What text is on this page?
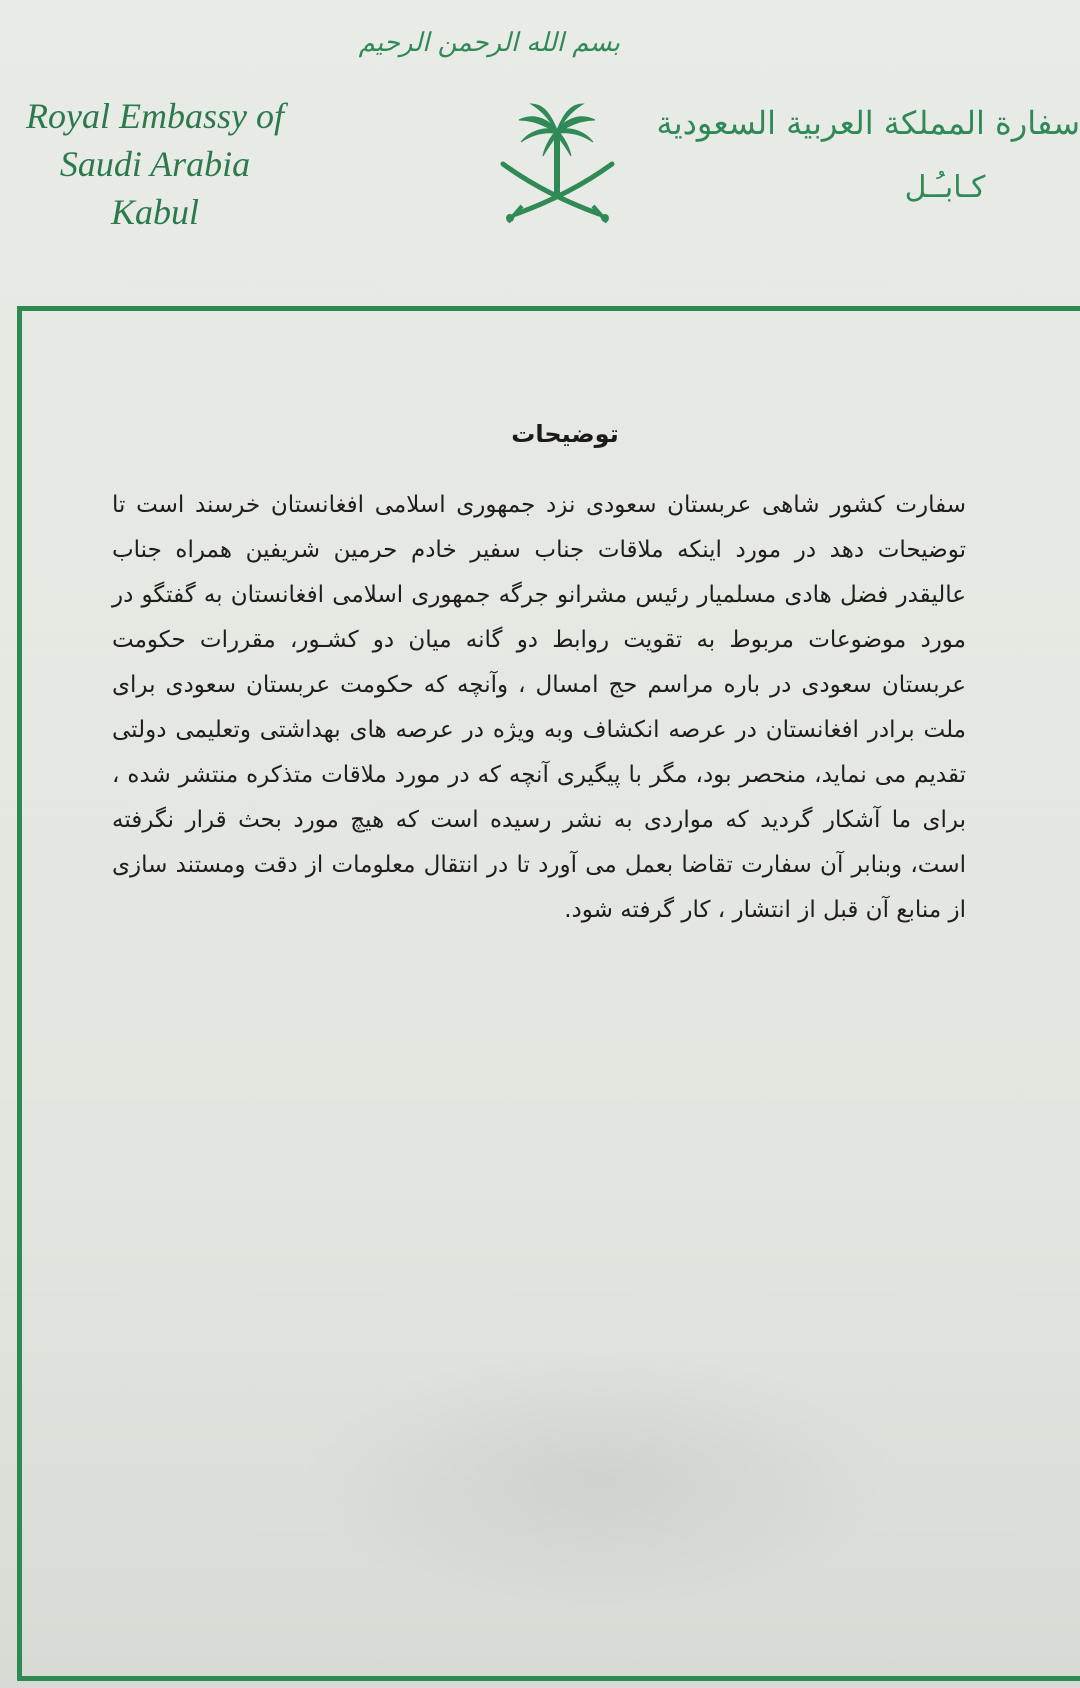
بسم الله الرحمن الرحيم
Royal Embassy of
Saudi Arabia
Kabul
سفارة المملكة العربية السعودية
كـابـُـل
توضیحات
سفارت کشور شاهی عربستان سعودی نزد جمهوری اسلامی افغانستان خرسند است تا توضیحات دهد در مورد اینکه ملاقات جناب سفیر خادم حرمین شریفین همراه جناب عالیقدر فضل هادی مسلمیار رئیس مشرانو جرگه جمهوری اسلامی افغانستان به گفتگو در مورد موضوعات مربوط به تقویت روابط دو گانه میان دو کشـور، مقررات حکومت عربستان سعودی در باره مراسم حج امسال ، وآنچه که حکومت عربستان سعودی برای ملت برادر افغانستان در عرصه انکشاف وبه ویژه در عرصه های بهداشتی وتعلیمی دولتی تقدیم می نماید، منحصر بود، مگر با پیگیری آنچه که در مورد ملاقات متذکره منتشر شده ، برای ما آشکار گردید که مواردی به نشر رسیده است که هیچ مورد بحث قرار نگرفته است، وبنابر آن سفارت تقاضا بعمل می آورد تا در انتقال معلومات از دقت ومستند سازی از منابع آن قبل از انتشار ، کار گرفته شود.
